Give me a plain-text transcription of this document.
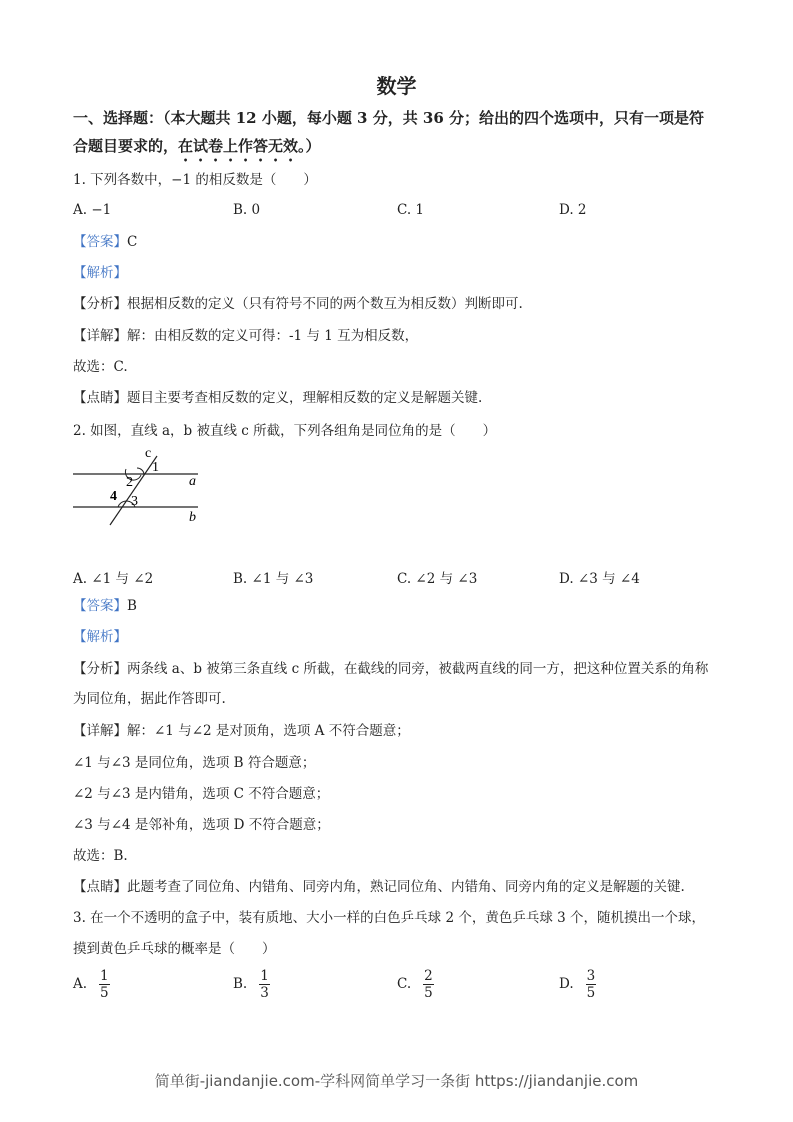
数学
一、选择题：（本大题共 12 小题，每小题 3 分，共 36 分；给出的四个选项中，只有一项是符
合题目要求的，在试卷上作答无效。）
1. 下列各数中，−1 的相反数是（　　）
A. −1	B. 0	C. 1	D. 2
【答案】C
【解析】
【分析】根据相反数的定义（只有符号不同的两个数互为相反数）判断即可.
【详解】解：由相反数的定义可得：-1 与 1 互为相反数，
故选：C.
【点睛】题目主要考查相反数的定义，理解相反数的定义是解题关键.
2. 如图，直线 a，b 被直线 c 所截，下列各组角是同位角的是（　　）
c
1
2
3
4
a
b
A. ∠1 与 ∠2	B. ∠1 与 ∠3	C. ∠2 与 ∠3	D. ∠3 与 ∠4
【答案】B
【解析】
【分析】两条线 a、b 被第三条直线 c 所截，在截线的同旁，被截两直线的同一方，把这种位置关系的角称
为同位角，据此作答即可.
【详解】解：∠1 与∠2 是对顶角，选项 A 不符合题意；
∠1 与∠3 是同位角，选项 B 符合题意；
∠2 与∠3 是内错角，选项 C 不符合题意；
∠3 与∠4 是邻补角，选项 D 不符合题意；
故选：B.
【点睛】此题考查了同位角、内错角、同旁内角，熟记同位角、内错角、同旁内角的定义是解题的关键.
3. 在一个不透明的盒子中，装有质地、大小一样的白色乒乓球 2 个，黄色乒乓球 3 个，随机摸出一个球，
摸到黄色乒乓球的概率是（　　）
A. $\frac{1}{5}$	B. $\frac{1}{3}$	C. $\frac{2}{5}$	D. $\frac{3}{5}$
简单街-jiandanjie.com-学科网简单学习一条街 https://jiandanjie.com
